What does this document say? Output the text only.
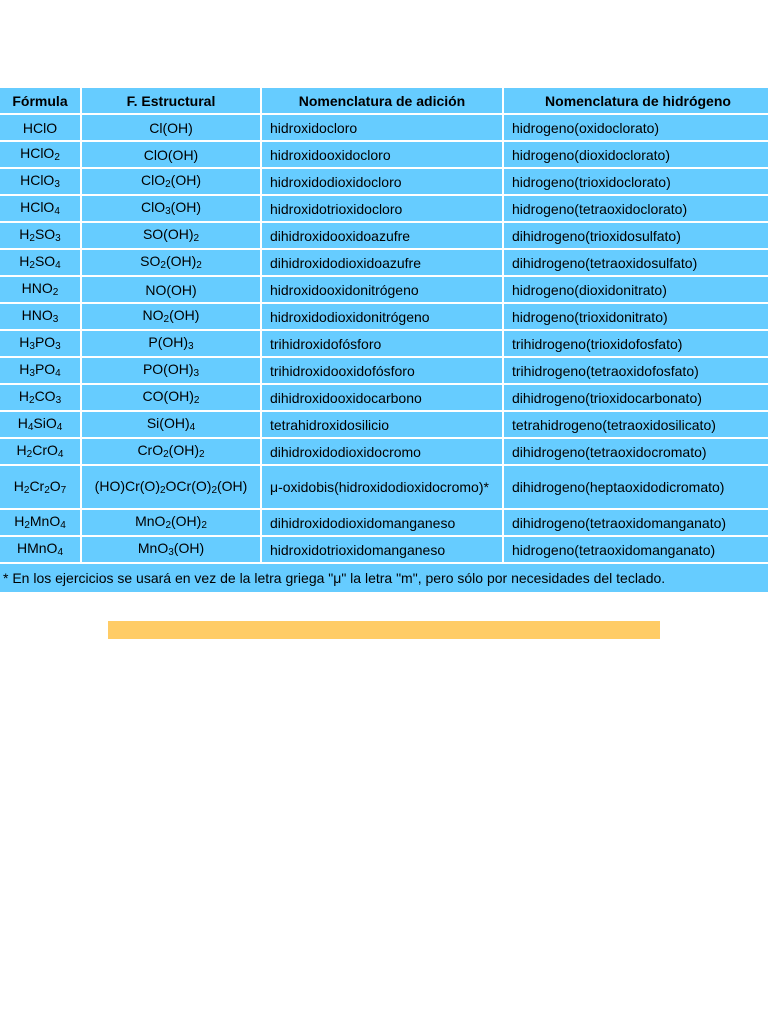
Fórmula	F. Estructural	Nomenclatura de adición	Nomenclatura de hidrógeno
HClO	Cl(OH)	hidroxidocloro	hidrogeno(oxidoclorato)
HClO$_2$	ClO(OH)	hidroxidooxidocloro	hidrogeno(dioxidoclorato)
HClO$_3$	ClO$_2$(OH)	hidroxidodioxidocloro	hidrogeno(trioxidoclorato)
HClO$_4$	ClO$_3$(OH)	hidroxidotrioxidocloro	hidrogeno(tetraoxidoclorato)
$H_2SO_3$	$SO(OH)_2$	dihidroxidooxidoazufre	dihidrogeno(trioxidosulfato)
$H_2SO_4$	$SO_2(OH)_2$	dihidroxidodioxidoazufre	dihidrogeno(tetraoxidosulfato)
$HNO_2$	NO(OH)	hidroxidooxidonitrógeno	hidrogeno(dioxidonitrato)
$HNO_3$	$NO_2(OH)$	hidroxidodioxidonitrógeno	hidrogeno(trioxidonitrato)
$H_3PO_3$	$P(OH)_3$	trihidroxidofósforo	trihidrogeno(trioxidofosfato)
$H_3PO_4$	$PO(OH)_3$	trihidroxidooxidofósforo	trihidrogeno(tetraoxidofosfato)
$H_2CO_3$	$CO(OH)_2$	dihidroxidooxidocarbono	dihidrogeno(trioxidocarbonato)
$H_4SiO_4$	$Si(OH)_4$	tetrahidroxidosilicio	tetrahidrogeno(tetraoxidosilicato)
$H_2CrO_4$	$CrO_2(OH)_2$	dihidroxidodioxidocromo	dihidrogeno(tetraoxidocromato)
$H_2Cr_2O_7$	$(HO)Cr(O)_2OCr(O)_2(OH)$	μ-oxidobis(hidroxidodioxidocromo)*	dihidrogeno(heptaoxidodicromato)
$H_2MnO_4$	$MnO_2(OH)_2$	dihidroxidodioxidomanganeso	dihidrogeno(tetraoxidomanganato)
HMnO$_4$	MnO$_3$(OH)	hidroxidotrioxidomanganeso	hidrogeno(tetraoxidomanganato)
* En los ejercicios se usará en vez de la letra griega "μ" la letra "m", pero sólo por necesidades del teclado.			
